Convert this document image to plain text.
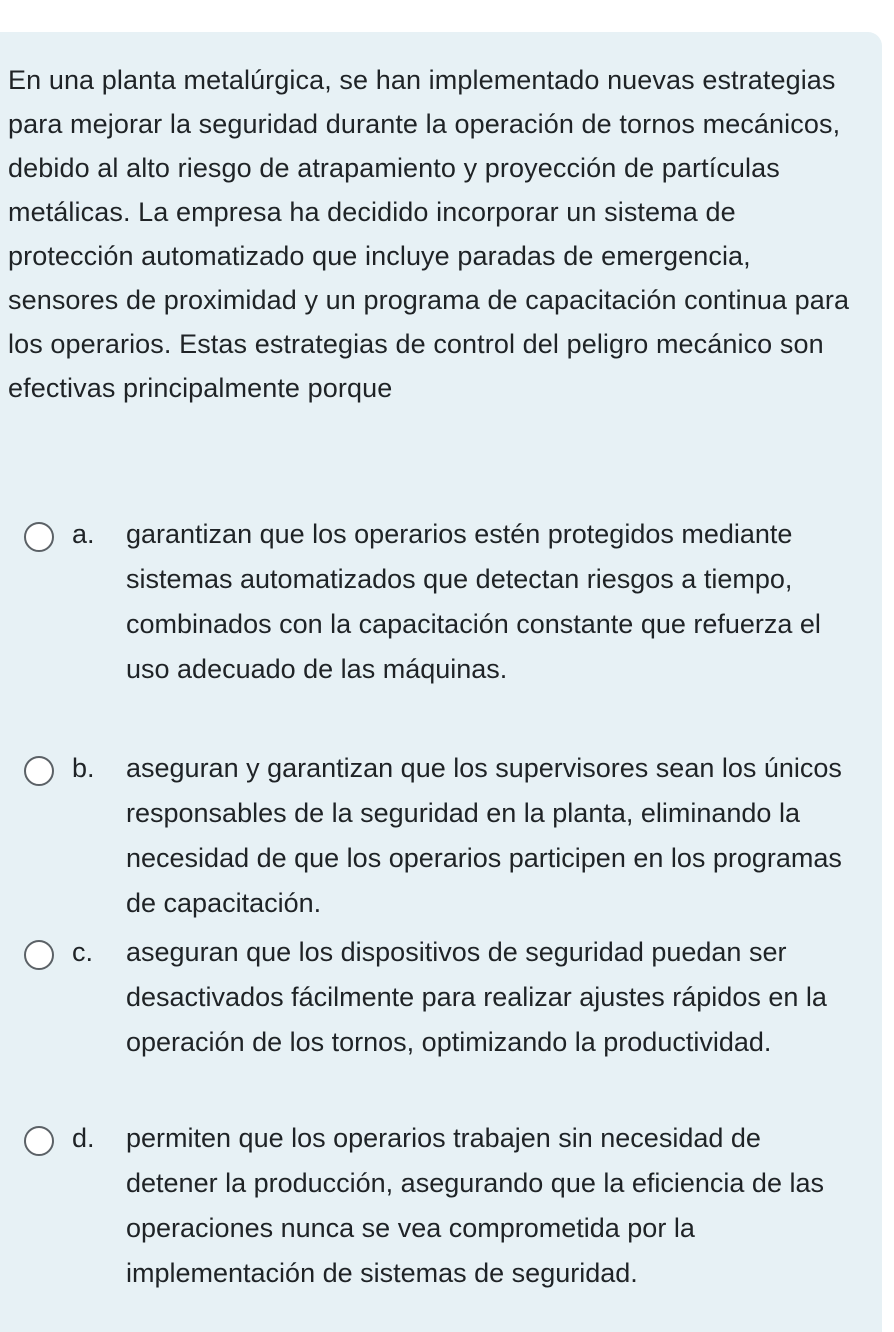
En una planta metalúrgica, se han implementado nuevas estrategias para mejorar la seguridad durante la operación de tornos mecánicos, debido al alto riesgo de atrapamiento y proyección de partículas metálicas. La empresa ha decidido incorporar un sistema de protección automatizado que incluye paradas de emergencia, sensores de proximidad y un programa de capacitación continua para los operarios. Estas estrategias de control del peligro mecánico son efectivas principalmente porque

a. garantizan que los operarios estén protegidos mediante sistemas automatizados que detectan riesgos a tiempo, combinados con la capacitación constante que refuerza el uso adecuado de las máquinas.
b. aseguran y garantizan que los supervisores sean los únicos responsables de la seguridad en la planta, eliminando la necesidad de que los operarios participen en los programas de capacitación.
c. aseguran que los dispositivos de seguridad puedan ser desactivados fácilmente para realizar ajustes rápidos en la operación de los tornos, optimizando la productividad.
d. permiten que los operarios trabajen sin necesidad de detener la producción, asegurando que la eficiencia de las operaciones nunca se vea comprometida por la implementación de sistemas de seguridad.
